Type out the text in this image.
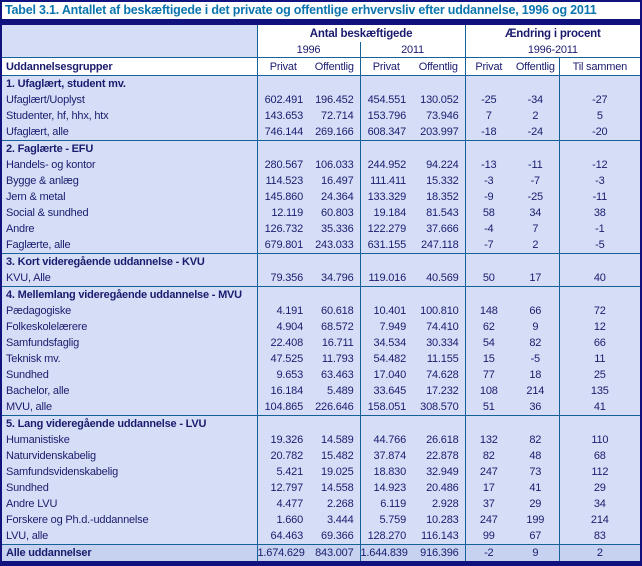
Tabel 3.1. Antallet af beskæftigede i det private og offentlige erhvervsliv efter uddannelse, 1996 og 2011
	Antal beskæftigede				Ændring i procent		
	1996		2011		1996-2011		
Uddannelsesgrupper	Privat	Offentlig	Privat	Offentlig	Privat	Offentlig	Til sammen
1. Ufaglært, student mv.							
Ufaglært/Uoplyst	602.491	196.452	454.551	130.052	-25	-34	-27
Studenter, hf, hhx, htx	143.653	72.714	153.796	73.946	7	2	5
Ufaglært, alle	746.144	269.166	608.347	203.997	-18	-24	-20
2. Faglærte - EFU							
Handels- og kontor	280.567	106.033	244.952	94.224	-13	-11	-12
Bygge & anlæg	114.523	16.497	111.411	15.332	-3	-7	-3
Jern & metal	145.860	24.364	133.329	18.352	-9	-25	-11
Social & sundhed	12.119	60.803	19.184	81.543	58	34	38
Andre	126.732	35.336	122.279	37.666	-4	7	-1
Faglærte, alle	679.801	243.033	631.155	247.118	-7	2	-5
3. Kort videregående uddannelse - KVU							
KVU, Alle	79.356	34.796	119.016	40.569	50	17	40
4. Mellemlang videregående uddannelse - MVU							
Pædagogiske	4.191	60.618	10.401	100.810	148	66	72
Folkeskolelærere	4.904	68.572	7.949	74.410	62	9	12
Samfundsfaglig	22.408	16.711	34.534	30.334	54	82	66
Teknisk mv.	47.525	11.793	54.482	11.155	15	-5	11
Sundhed	9.653	63.463	17.040	74.628	77	18	25
Bachelor, alle	16.184	5.489	33.645	17.232	108	214	135
MVU, alle	104.865	226.646	158.051	308.570	51	36	41
5. Lang videregående uddannelse - LVU							
Humanistiske	19.326	14.589	44.766	26.618	132	82	110
Naturvidenskabelig	20.782	15.482	37.874	22.878	82	48	68
Samfundsvidenskabelig	5.421	19.025	18.830	32.949	247	73	112
Sundhed	12.797	14.558	14.923	20.486	17	41	29
Andre LVU	4.477	2.268	6.119	2.928	37	29	34
Forskere og Ph.d.-uddannelse	1.660	3.444	5.759	10.283	247	199	214
LVU, alle	64.463	69.366	128.270	116.143	99	67	83
Alle uddannelser	1.674.629	843.007	1.644.839	916.396	-2	9	2
